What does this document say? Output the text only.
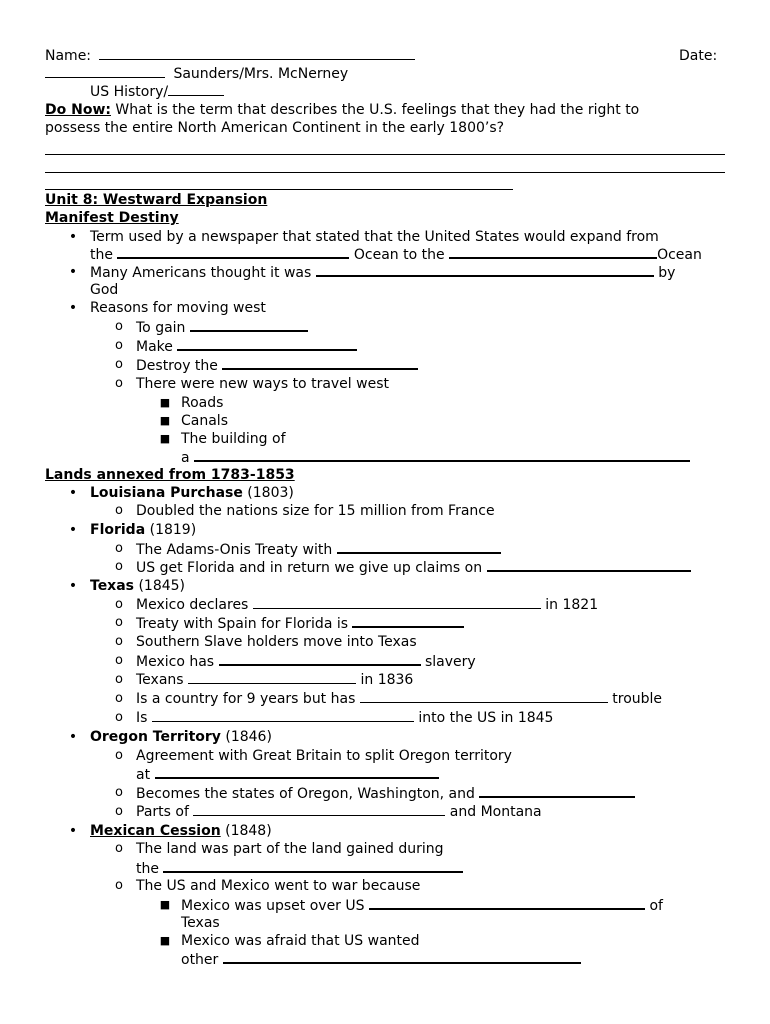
Name:	Date:
Saunders/Mrs. McNerney
US History/
Do Now: What is the term that describes the U.S. feelings that they had the right to
possess the entire North American Continent in the early 1800’s?
Unit 8: Westward Expansion
Manifest Destiny
• Term used by a newspaper that stated that the United States would expand from
the	Ocean to the	Ocean
• Many Americans thought it was	by
God
• Reasons for moving west
o To gain
o Make
o Destroy the
o There were new ways to travel west
■ Roads
■ Canals
■ The building of
a
Lands annexed from 1783-1853
• Louisiana Purchase (1803)
o Doubled the nations size for 15 million from France
• Florida (1819)
o The Adams-Onis Treaty with
o US get Florida and in return we give up claims on
• Texas (1845)
o Mexico declares	in 1821
o Treaty with Spain for Florida is
o Southern Slave holders move into Texas
o Mexico has	slavery
o Texans	in 1836
o Is a country for 9 years but has	trouble
o Is	into the US in 1845
• Oregon Territory (1846)
o Agreement with Great Britain to split Oregon territory
at
o Becomes the states of Oregon, Washington, and
o Parts of	and Montana
• Mexican Cession (1848)
o The land was part of the land gained during
the
o The US and Mexico went to war because
■ Mexico was upset over US	of
Texas
■ Mexico was afraid that US wanted
other
